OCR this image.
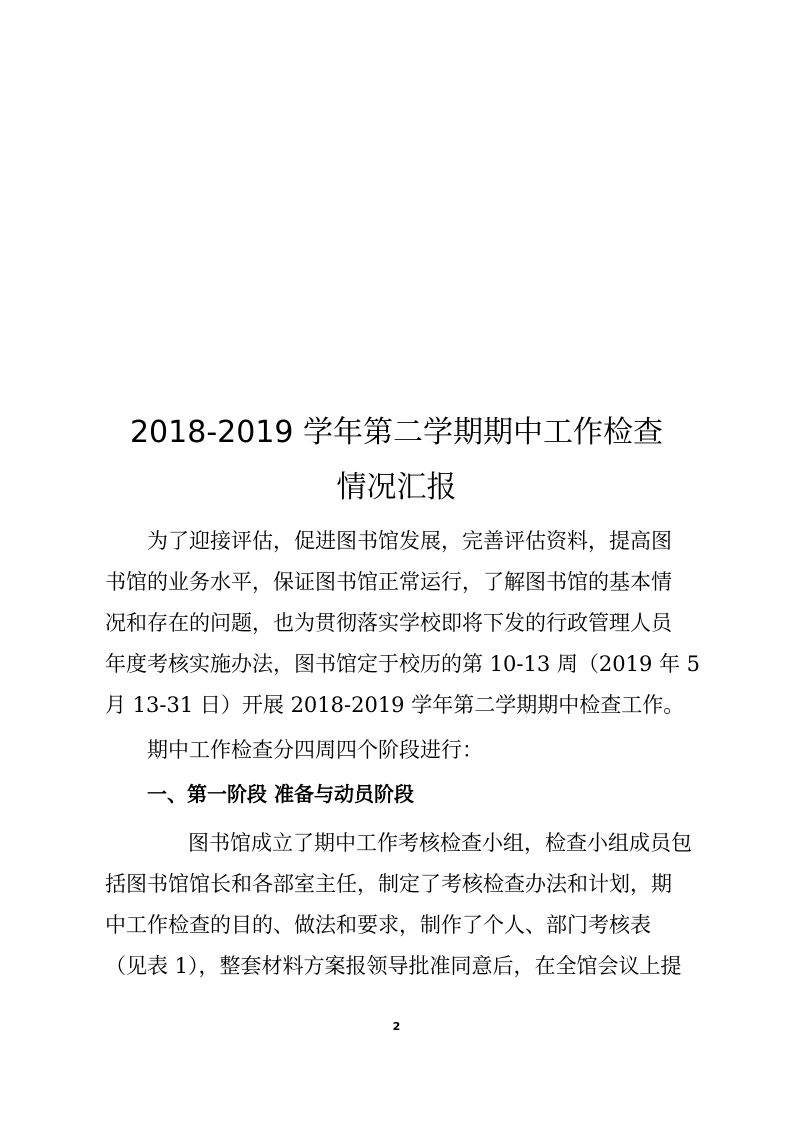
2018-2019 学年第二学期期中工作检查
情况汇报

为了迎接评估，促进图书馆发展，完善评估资料，提高图

书馆的业务水平，保证图书馆正常运行，了解图书馆的基本情

况和存在的问题，也为贯彻落实学校即将下发的行政管理人员

年度考核实施办法，图书馆定于校历的第 10-13 周（2019 年 5

月 13-31 日）开展 2018-2019 学年第二学期期中检查工作。

期中工作检查分四周四个阶段进行：

一、第一阶段 准备与动员阶段

图书馆成立了期中工作考核检查小组，检查小组成员包

括图书馆馆长和各部室主任，制定了考核检查办法和计划，期

中工作检查的目的、做法和要求，制作了个人、部门考核表

（见表 1），整套材料方案报领导批准同意后，在全馆会议上提

2
